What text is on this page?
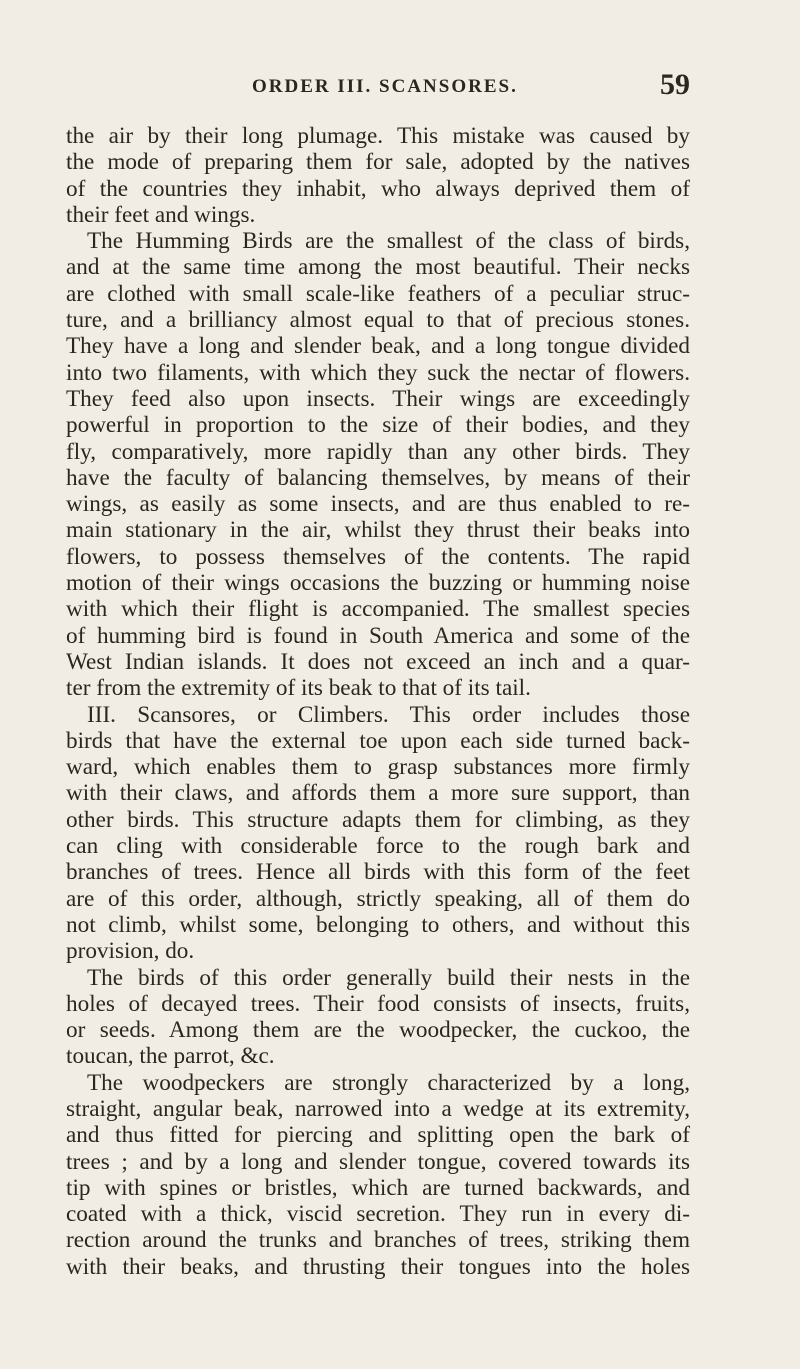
ORDER III. SCANSORES.	59
the air by their long plumage. This mistake was caused by
the mode of preparing them for sale, adopted by the natives
of the countries they inhabit, who always deprived them of
their feet and wings.
The Humming Birds are the smallest of the class of birds,
and at the same time among the most beautiful. Their necks
are clothed with small scale-like feathers of a peculiar struc-
ture, and a brilliancy almost equal to that of precious stones.
They have a long and slender beak, and a long tongue divided
into two filaments, with which they suck the nectar of flowers.
They feed also upon insects. Their wings are exceedingly
powerful in proportion to the size of their bodies, and they
fly, comparatively, more rapidly than any other birds. They
have the faculty of balancing themselves, by means of their
wings, as easily as some insects, and are thus enabled to re-
main stationary in the air, whilst they thrust their beaks into
flowers, to possess themselves of the contents. The rapid
motion of their wings occasions the buzzing or humming noise
with which their flight is accompanied. The smallest species
of humming bird is found in South America and some of the
West Indian islands. It does not exceed an inch and a quar-
ter from the extremity of its beak to that of its tail.
III. Scansores, or Climbers. This order includes those
birds that have the external toe upon each side turned back-
ward, which enables them to grasp substances more firmly
with their claws, and affords them a more sure support, than
other birds. This structure adapts them for climbing, as they
can cling with considerable force to the rough bark and
branches of trees. Hence all birds with this form of the feet
are of this order, although, strictly speaking, all of them do
not climb, whilst some, belonging to others, and without this
provision, do.
The birds of this order generally build their nests in the
holes of decayed trees. Their food consists of insects, fruits,
or seeds. Among them are the woodpecker, the cuckoo, the
toucan, the parrot, &c.
The woodpeckers are strongly characterized by a long,
straight, angular beak, narrowed into a wedge at its extremity,
and thus fitted for piercing and splitting open the bark of
trees ; and by a long and slender tongue, covered towards its
tip with spines or bristles, which are turned backwards, and
coated with a thick, viscid secretion. They run in every di-
rection around the trunks and branches of trees, striking them
with their beaks, and thrusting their tongues into the holes
